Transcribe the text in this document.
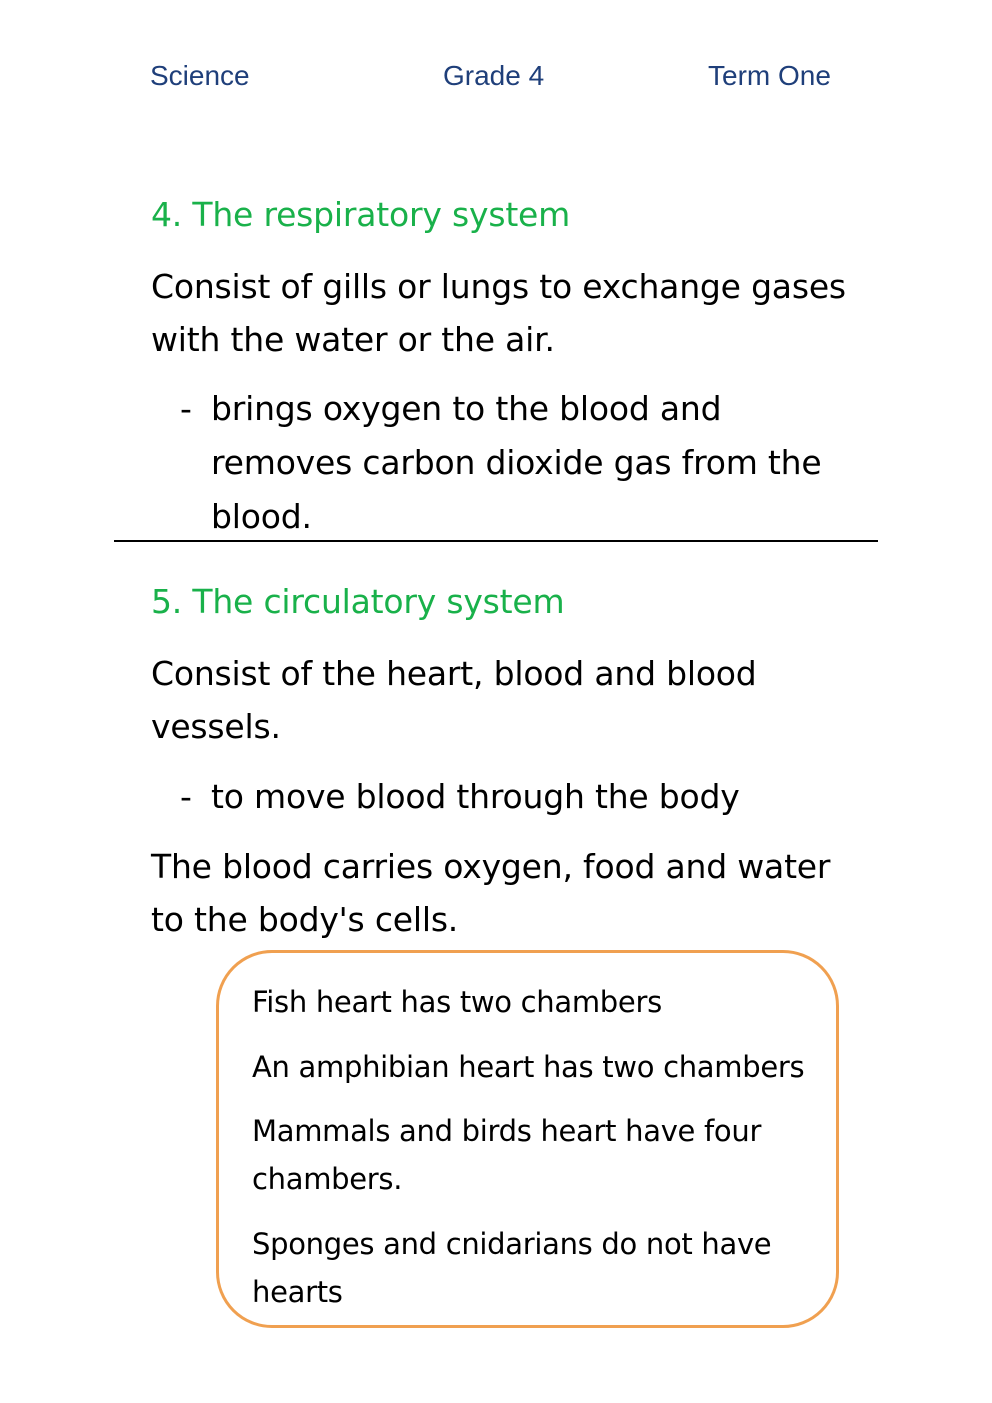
Science	Grade 4	Term One
4. The respiratory system
Consist of gills or lungs to exchange gases with the water or the air.
- brings oxygen to the blood and removes carbon dioxide gas from the blood.
5. The circulatory system
Consist of the heart, blood and blood vessels.
- to move blood through the body
The blood carries oxygen, food and water to the body's cells.

Fish heart has two chambers

An amphibian heart has two chambers

Mammals and birds heart have four chambers.

Sponges and cnidarians do not have hearts
